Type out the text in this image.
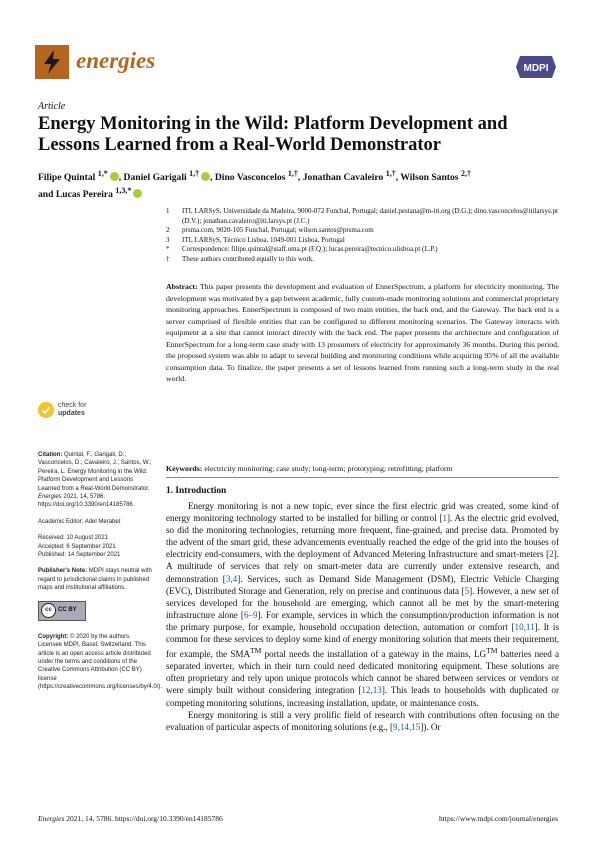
energies	MDPI
Article
Energy Monitoring in the Wild: Platform Development and Lessons Learned from a Real-World Demonstrator
Filipe Quintal $^{1,*}$ , Daniel Garigali $^{1,\dagger}$ , Dino Vasconcelos $^{1,\dagger}$, Jonathan Cavaleiro $^{1,\dagger}$, Wilson Santos $^{2,\dagger}$
and Lucas Pereira $^{1,3,*}$
1 ITI, LARSyS, Universidade da Madeira, 9000-072 Funchal, Portugal; daniel.pestana@m-iti.org (D.G.); dino.vasconcelos@itilarsys.pt (D.V.); jonathan.cavaleiro@iti.larsys.pt (J.C.)
2 prsma.com, 9020-105 Funchal, Portugal; wilson.santos@prsma.com
3 ITI, LARSyS, Técnico Lisboa, 1049-001 Lisboa, Portugal
* Correspondence: filipe.quintal@staff.uma.pt (F.Q.); lucas.pereira@tecnico.ulisboa.pt (L.P.)
† These authors contributed equally to this work.
Abstract: This paper presents the development and evaluation of EnnerSpectrum, a platform for electricity monitoring. The development was motivated by a gap between academic, fully custom-made monitoring solutions and commercial proprietary monitoring approaches. EnnerSpectrum is composed of two main entities, the back end, and the Gateway. The back end is a server comprised of flexible entities that can be configured to different monitoring scenarios. The Gateway interacts with equipment at a site that cannot interact directly with the back end. The paper presents the architecture and configuration of EnnerSpectrum for a long-term case study with 13 prosumers of electricity for approximately 36 months. During this period, the proposed system was able to adapt to several building and monitoring conditions while acquiring 95% of all the available consumption data. To finalize, the paper presents a set of lessons learned from running such a long-term study in the real world.
Keywords: electricity monitoring; case study; long-term; prototyping; retrofitting; platform
check for
updates

Citation: Quintal, F.; Garigali, D.; Vasconcelos, D.; Cavaleiro, J.; Santos, W.; Pereira, L. Energy Monitoring in the Wild: Platform Development and Lessons Learned from a Real-World Demonstrator. Energies 2021, 14, 5786. https://doi.org/10.3390/en14185786

Academic Editor: Adel Merabet

Received: 10 August 2021

Accepted: 6 September 2021

Published: 14 September 2021

Publisher's Note: MDPI stays neutral with regard to jurisdictional claims in published maps and institutional affiliations.

cc	CC BY

Copyright: © 2020 by the authors. Licensee MDPI, Basel, Switzerland. This article is an open access article distributed under the terms and conditions of the Creative Commons Attribution (CC BY) license (https://creativecommons.org/licenses/by/4.0/).

1. Introduction

Energy monitoring is not a new topic, ever since the first electric grid was created, some kind of energy monitoring technology started to be installed for billing or control [1]. As the electric grid evolved, so did the monitoring technologies, returning more frequent, fine-grained, and precise data. Promoted by the advent of the smart grid, these advancements eventually reached the edge of the grid into the houses of electricity end-consumers, with the deployment of Advanced Metering Infrastructure and smart-meters [2]. A multitude of services that rely on smart-meter data are currently under extensive research, and demonstration [3,4]. Services, such as Demand Side Management (DSM), Electric Vehicle Charging (EVC), Distributed Storage and Generation, rely on precise and continuous data [5]. However, a new set of services developed for the household are emerging, which cannot all be met by the smart-metering infrastructure alone [6–9]. For example, services in which the consumption/production information is not the primary purpose, for example, household occupation detection, automation or comfort [10,11]. It is common for these services to deploy some kind of energy monitoring solution that meets their requirement, for example, the SMA™ portal needs the installation of a gateway in the mains, LG™ batteries need a separated inverter, which in their turn could need dedicated monitoring equipment. These solutions are often proprietary and rely upon unique protocols which cannot be shared between services or vendors or were simply built without considering integration [12,13]. This leads to households with duplicated or competing monitoring solutions, increasing installation, update, or maintenance costs.

Energy monitoring is still a very prolific field of research with contributions often focusing on the evaluation of particular aspects of monitoring solutions (e.g., [9,14,15]). Or

Energies 2021, 14, 5786. https://doi.org/10.3390/en14185786	https://www.mdpi.com/journal/energies
